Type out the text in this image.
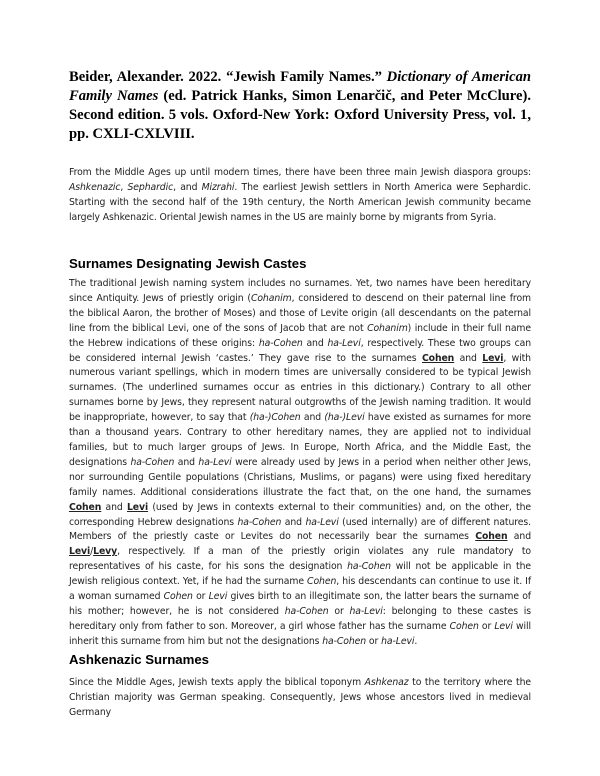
Beider, Alexander. 2022. “Jewish Family Names.” Dictionary of American Family Names (ed. Patrick Hanks, Simon Lenarčič, and Peter McClure). Second edition. 5 vols. Oxford-New York: Oxford University Press, vol. 1, pp. CXLI-CXLVIII.
From the Middle Ages up until modern times, there have been three main Jewish diaspora groups: Ashkenazic, Sephardic, and Mizrahi. The earliest Jewish settlers in North America were Sephardic. Starting with the second half of the 19th century, the North American Jewish community became largely Ashkenazic. Oriental Jewish names in the US are mainly borne by migrants from Syria.
Surnames Designating Jewish Castes
The traditional Jewish naming system includes no surnames. Yet, two names have been hereditary since Antiquity. Jews of priestly origin (Cohanim, considered to descend on their paternal line from the biblical Aaron, the brother of Moses) and those of Levite origin (all descendants on the paternal line from the biblical Levi, one of the sons of Jacob that are not Cohanim) include in their full name the Hebrew indications of these origins: ha-Cohen and ha-Levi, respectively. These two groups can be considered internal Jewish ‘castes.’ They gave rise to the surnames Cohen and Levi, with numerous variant spellings, which in modern times are universally considered to be typical Jewish surnames. (The underlined surnames occur as entries in this dictionary.) Contrary to all other surnames borne by Jews, they represent natural outgrowths of the Jewish naming tradition. It would be inappropriate, however, to say that (ha-)Cohen and (ha-)Levi have existed as surnames for more than a thousand years. Contrary to other hereditary names, they are applied not to individual families, but to much larger groups of Jews. In Europe, North Africa, and the Middle East, the designations ha-Cohen and ha-Levi were already used by Jews in a period when neither other Jews, nor surrounding Gentile populations (Christians, Muslims, or pagans) were using fixed hereditary family names. Additional considerations illustrate the fact that, on the one hand, the surnames Cohen and Levi (used by Jews in contexts external to their communities) and, on the other, the corresponding Hebrew designations ha-Cohen and ha-Levi (used internally) are of different natures. Members of the priestly caste or Levites do not necessarily bear the surnames Cohen and Levi/Levy, respectively. If a man of the priestly origin violates any rule mandatory to representatives of his caste, for his sons the designation ha-Cohen will not be applicable in the Jewish religious context. Yet, if he had the surname Cohen, his descendants can continue to use it. If a woman surnamed Cohen or Levi gives birth to an illegitimate son, the latter bears the surname of his mother; however, he is not considered ha-Cohen or ha-Levi: belonging to these castes is hereditary only from father to son. Moreover, a girl whose father has the surname Cohen or Levi will inherit this surname from him but not the designations ha-Cohen or ha-Levi.
Ashkenazic Surnames
Since the Middle Ages, Jewish texts apply the biblical toponym Ashkenaz to the territory where the Christian majority was German speaking. Consequently, Jews whose ancestors lived in medieval Germany
